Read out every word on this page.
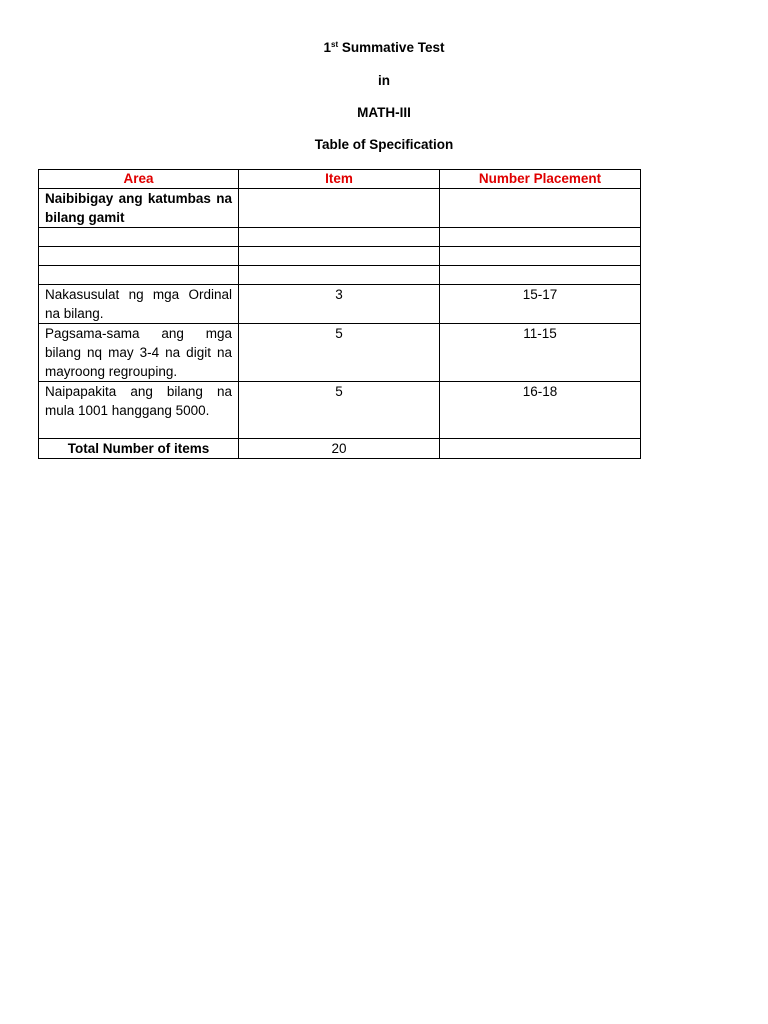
1st Summative Test
in
MATH-III
Table of Specification
Area	Item	Number Placement
Naibibigay ang katumbas na bilang gamit		

Nakasusulat ng mga Ordinal na bilang.	3	15-17
Pagsama-sama ang mga bilang nq may 3-4 na digit na mayroong regrouping.	5	11-15
Naipapakita ang bilang na mula 1001 hanggang 5000.	5	16-18
Total Number of items	20	
